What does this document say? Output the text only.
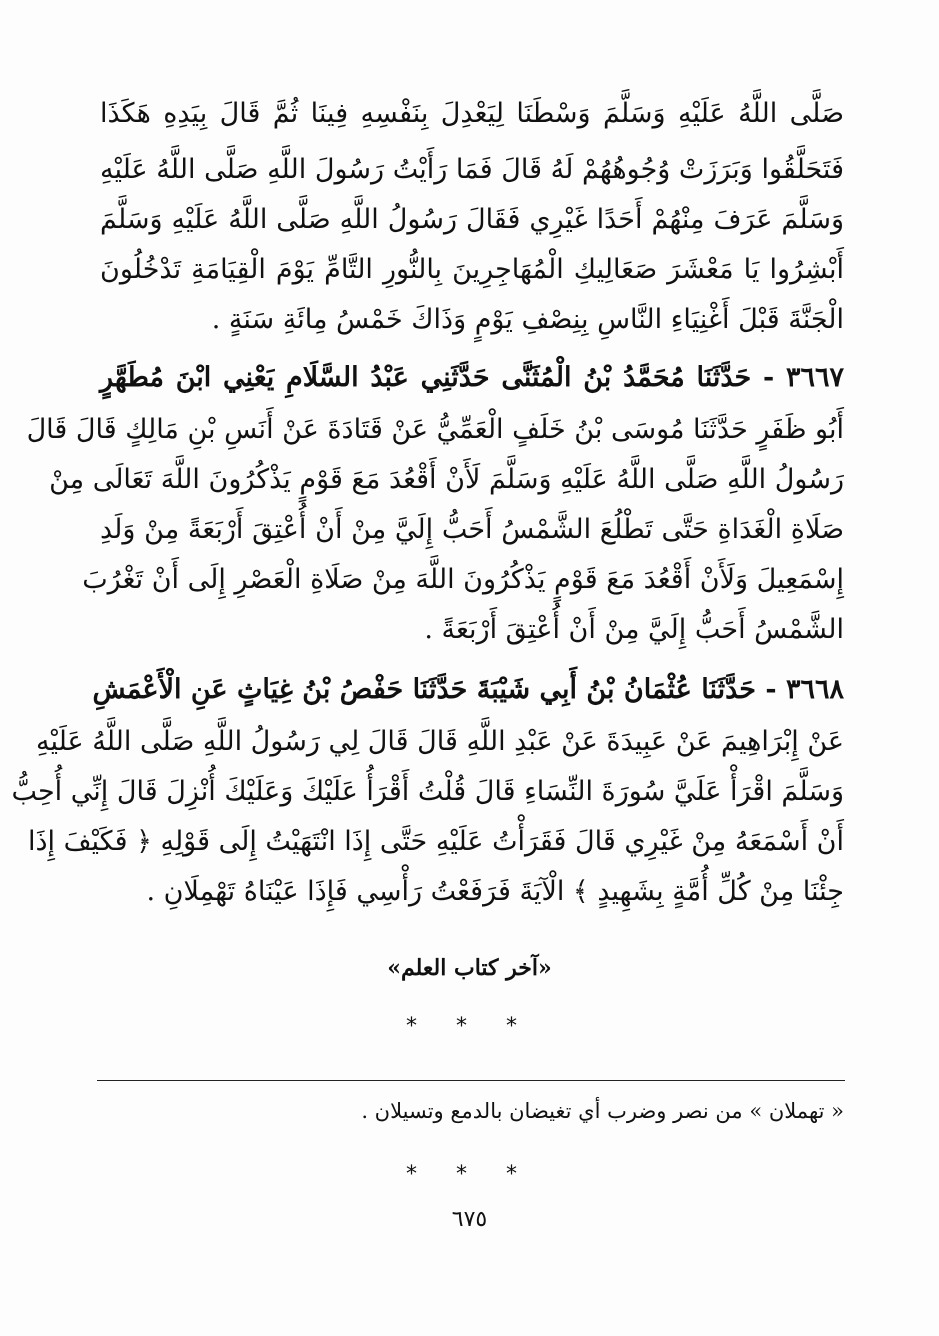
صَلَّى اللَّهُ عَلَيْهِ وَسَلَّمَ وَسْطَنَا لِيَعْدِلَ بِنَفْسِهِ فِينَا ثُمَّ قَالَ بِيَدِهِ هَكَذَا
فَتَحَلَّقُوا وَبَرَزَتْ وُجُوهُهُمْ لَهُ قَالَ فَمَا رَأَيْتُ رَسُولَ اللَّهِ صَلَّى اللَّهُ عَلَيْهِ
وَسَلَّمَ عَرَفَ مِنْهُمْ أَحَدًا غَيْرِي فَقَالَ رَسُولُ اللَّهِ صَلَّى اللَّهُ عَلَيْهِ وَسَلَّمَ
أَبْشِرُوا يَا مَعْشَرَ صَعَالِيكِ الْمُهَاجِرِينَ بِالنُّورِ التَّامِّ يَوْمَ الْقِيَامَةِ تَدْخُلُونَ
الْجَنَّةَ قَبْلَ أَغْنِيَاءِ النَّاسِ بِنِصْفِ يَوْمٍ وَذَاكَ خَمْسُ مِائَةِ سَنَةٍ .
٣٦٦٧ - حَدَّثَنَا مُحَمَّدُ بْنُ الْمُثَنَّى حَدَّثَنِي عَبْدُ السَّلَامِ يَعْنِي ابْنَ مُطَهَّرٍ
أَبُو ظَفَرٍ حَدَّثَنَا مُوسَى بْنُ خَلَفٍ الْعَمِّيُّ عَنْ قَتَادَةَ عَنْ أَنَسِ بْنِ مَالِكٍ قَالَ قَالَ
رَسُولُ اللَّهِ صَلَّى اللَّهُ عَلَيْهِ وَسَلَّمَ لَأَنْ أَقْعُدَ مَعَ قَوْمٍ يَذْكُرُونَ اللَّهَ تَعَالَى مِنْ
صَلَاةِ الْغَدَاةِ حَتَّى تَطْلُعَ الشَّمْسُ أَحَبُّ إِلَيَّ مِنْ أَنْ أُعْتِقَ أَرْبَعَةً مِنْ وَلَدِ
إِسْمَعِيلَ وَلَأَنْ أَقْعُدَ مَعَ قَوْمٍ يَذْكُرُونَ اللَّهَ مِنْ صَلَاةِ الْعَصْرِ إِلَى أَنْ تَغْرُبَ
الشَّمْسُ أَحَبُّ إِلَيَّ مِنْ أَنْ أُعْتِقَ أَرْبَعَةً .
٣٦٦٨ - حَدَّثَنَا عُثْمَانُ بْنُ أَبِي شَيْبَةَ حَدَّثَنَا حَفْصُ بْنُ غِيَاثٍ عَنِ الْأَعْمَشِ
عَنْ إِبْرَاهِيمَ عَنْ عَبِيدَةَ عَنْ عَبْدِ اللَّهِ قَالَ قَالَ لِي رَسُولُ اللَّهِ صَلَّى اللَّهُ عَلَيْهِ
وَسَلَّمَ اقْرَأْ عَلَيَّ سُورَةَ النِّسَاءِ قَالَ قُلْتُ أَقْرَأُ عَلَيْكَ وَعَلَيْكَ أُنْزِلَ قَالَ إِنِّي أُحِبُّ
أَنْ أَسْمَعَهُ مِنْ غَيْرِي قَالَ فَقَرَأْتُ عَلَيْهِ حَتَّى إِذَا انْتَهَيْتُ إِلَى قَوْلِهِ ﴿ فَكَيْفَ إِذَا
جِئْنَا مِنْ كُلِّ أُمَّةٍ بِشَهِيدٍ ﴾ الْآيَةَ فَرَفَعْتُ رَأْسِي فَإِذَا عَيْنَاهُ تَهْمِلَانِ .
«آخر كتاب العلم»
* * *
« تهملان » من نصر وضرب أي تغيضان بالدمع وتسيلان .
* * *
٦٧٥
